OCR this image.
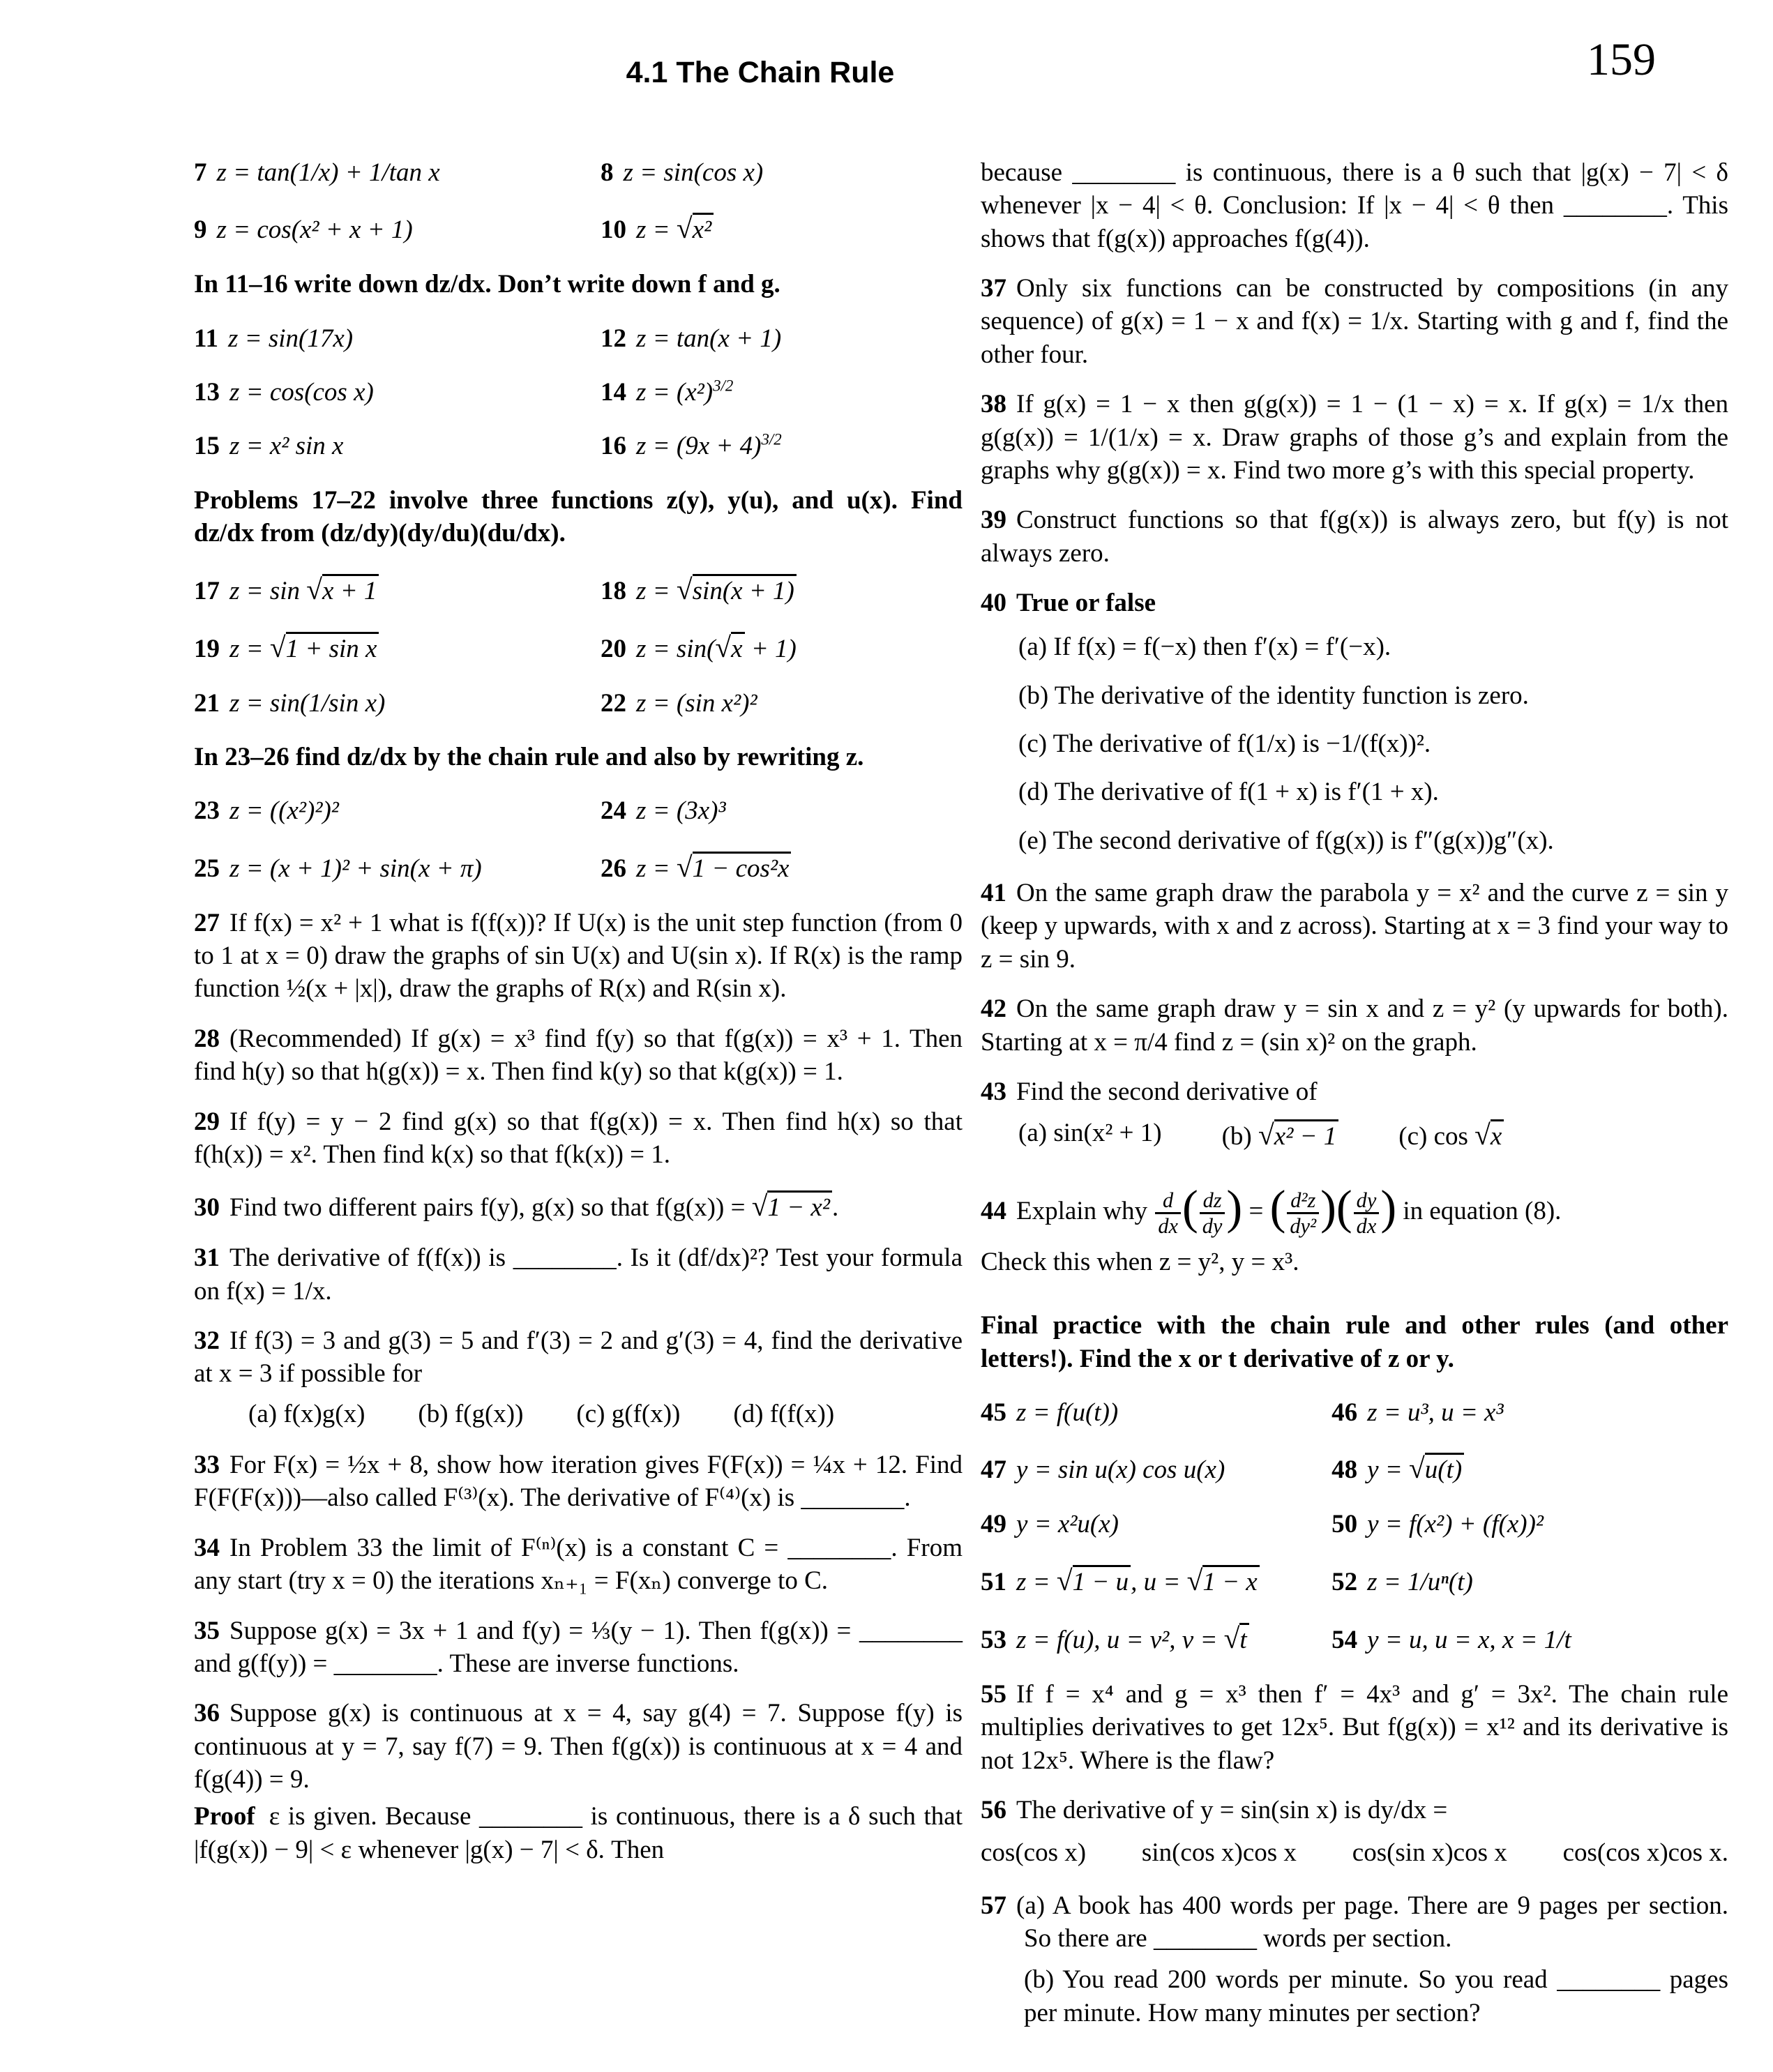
4.1 The Chain Rule	159
7 z = tan(1/x) + 1/tan x	8 z = sin(cos x)
9 z = cos(x² + x + 1)	10 z = √x²

In 11–16 write down dz/dx. Don’t write down f and g.

11 z = sin(17x)	12 z = tan(x + 1)
13 z = cos(cos x)	14 $z = (x^2)^{3/2}$
15 z = x² sin x	16 $z = (9x + 4)^{3/2}$

Problems 17–22 involve three functions z(y), y(u), and u(x). Find dz/dx from (dz/dy)(dy/du)(du/dx).

17 z = sin √x + 1	18 z = √sin(x + 1)
19 z = √1 + sin x	20 z = sin(√x + 1)
21 z = sin(1/sin x)	22 z = (sin x²)²

In 23–26 find dz/dx by the chain rule and also by rewriting z.

23 z = ((x²)²)²	24 z = (3x)³
25 z = (x + 1)² + sin(x + π)	26 z = √1 − cos²x

27 If f(x) = x² + 1 what is f(f(x))? If U(x) is the unit step function (from 0 to 1 at x = 0) draw the graphs of sin U(x) and U(sin x). If R(x) is the ramp function ½(x + |x|), draw the graphs of R(x) and R(sin x).

28 (Recommended) If g(x) = x³ find f(y) so that f(g(x)) = x³ + 1. Then find h(y) so that h(g(x)) = x. Then find k(y) so that k(g(x)) = 1.

29 If f(y) = y − 2 find g(x) so that f(g(x)) = x. Then find h(x) so that f(h(x)) = x². Then find k(x) so that f(k(x)) = 1.

30 Find two different pairs f(y), g(x) so that f(g(x)) = √1 − x².

31 The derivative of f(f(x)) is ________. Is it (df/dx)²? Test your formula on f(x) = 1/x.

32 If f(3) = 3 and g(3) = 5 and f′(3) = 2 and g′(3) = 4, find the derivative at x = 3 if possible for

(a) f(x)g(x) (b) f(g(x)) (c) g(f(x)) (d) f(f(x))

33 For F(x) = ½x + 8, show how iteration gives F(F(x)) = ¼x + 12. Find F(F(F(x)))—also called F⁽³⁾(x). The derivative of F⁽⁴⁾(x) is ________.

34 In Problem 33 the limit of F⁽ⁿ⁾(x) is a constant C = ________. From any start (try x = 0) the iterations xₙ₊₁ = F(xₙ) converge to C.

35 Suppose g(x) = 3x + 1 and f(y) = ⅓(y − 1). Then f(g(x)) = ________ and g(f(y)) = ________. These are inverse functions.

36 Suppose g(x) is continuous at x = 4, say g(4) = 7. Suppose f(y) is continuous at y = 7, say f(7) = 9. Then f(g(x)) is continuous at x = 4 and f(g(4)) = 9.

Proof ε is given. Because ________ is continuous, there is a δ such that |f(g(x)) − 9| < ε whenever |g(x) − 7| < δ. Then

because ________ is continuous, there is a θ such that |g(x) − 7| < δ whenever |x − 4| < θ. Conclusion: If |x − 4| < θ then ________. This shows that f(g(x)) approaches f(g(4)).

37 Only six functions can be constructed by compositions (in any sequence) of g(x) = 1 − x and f(x) = 1/x. Starting with g and f, find the other four.

38 If g(x) = 1 − x then g(g(x)) = 1 − (1 − x) = x. If g(x) = 1/x then g(g(x)) = 1/(1/x) = x. Draw graphs of those g’s and explain from the graphs why g(g(x)) = x. Find two more g’s with this special property.

39 Construct functions so that f(g(x)) is always zero, but f(y) is not always zero.

40 True or false

(a) If f(x) = f(−x) then f′(x) = f′(−x).

(b) The derivative of the identity function is zero.

(c) The derivative of f(1/x) is −1/(f(x))².

(d) The derivative of f(1 + x) is f′(1 + x).

(e) The second derivative of f(g(x)) is f″(g(x))g″(x).

41 On the same graph draw the parabola y = x² and the curve z = sin y (keep y upwards, with x and z across). Starting at x = 3 find your way to z = sin 9.

42 On the same graph draw y = sin x and z = y² (y upwards for both). Starting at x = π/4 find z = (sin x)² on the graph.

43 Find the second derivative of

(a) sin(x² + 1) (b) √x² − 1 (c) cos √x

44 Explain why $\frac{d}{dx}$ ( $\frac{dz}{dy}$ ) = ( $\frac{\text{d²z}}{\text{dy²}}$ )( $\frac{dy}{dx}$ ) in equation (8).

Check this when z = y², y = x³.

Final practice with the chain rule and other rules (and other letters!). Find the x or t derivative of z or y.

45 z = f(u(t))	46 z = u³, u = x³
47 y = sin u(x) cos u(x)	48 y = √u(t)
49 y = x²u(x)	50 y = f(x²) + (f(x))²
51 z = √1 − u, u = √1 − x	52 z = 1/uⁿ(t)
53 z = f(u), u = v², v = √t	54 y = u, u = x, x = 1/t

55 If f = x⁴ and g = x³ then f′ = 4x³ and g′ = 3x². The chain rule multiplies derivatives to get 12x⁵. But f(g(x)) = x¹² and its derivative is not 12x⁵. Where is the flaw?

56 The derivative of y = sin(sin x) is dy/dx =

cos(cos x) sin(cos x)cos x cos(sin x)cos x cos(cos x)cos x.

57 (a) A book has 400 words per page. There are 9 pages per section. So there are ________ words per section.

(b) You read 200 words per minute. So you read ________ pages per minute. How many minutes per section?
